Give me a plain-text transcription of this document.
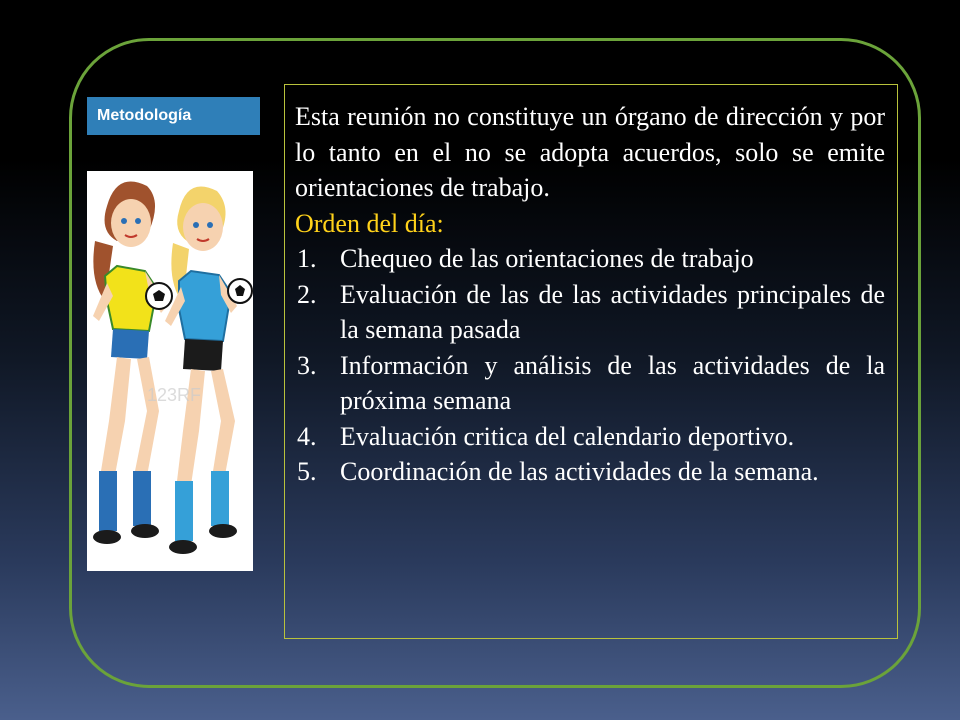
Metodología
123RF

Esta reunión no constituye un órgano de dirección y por lo tanto en el no se adopta acuerdos, solo se emite orientaciones de trabajo.

Orden del día:

1. Chequeo de las orientaciones de trabajo
2. Evaluación de las de las actividades principales de la semana pasada
3. Información y análisis de las actividades de la próxima semana
4. Evaluación critica del calendario deportivo.
5. Coordinación de las actividades de la semana.
